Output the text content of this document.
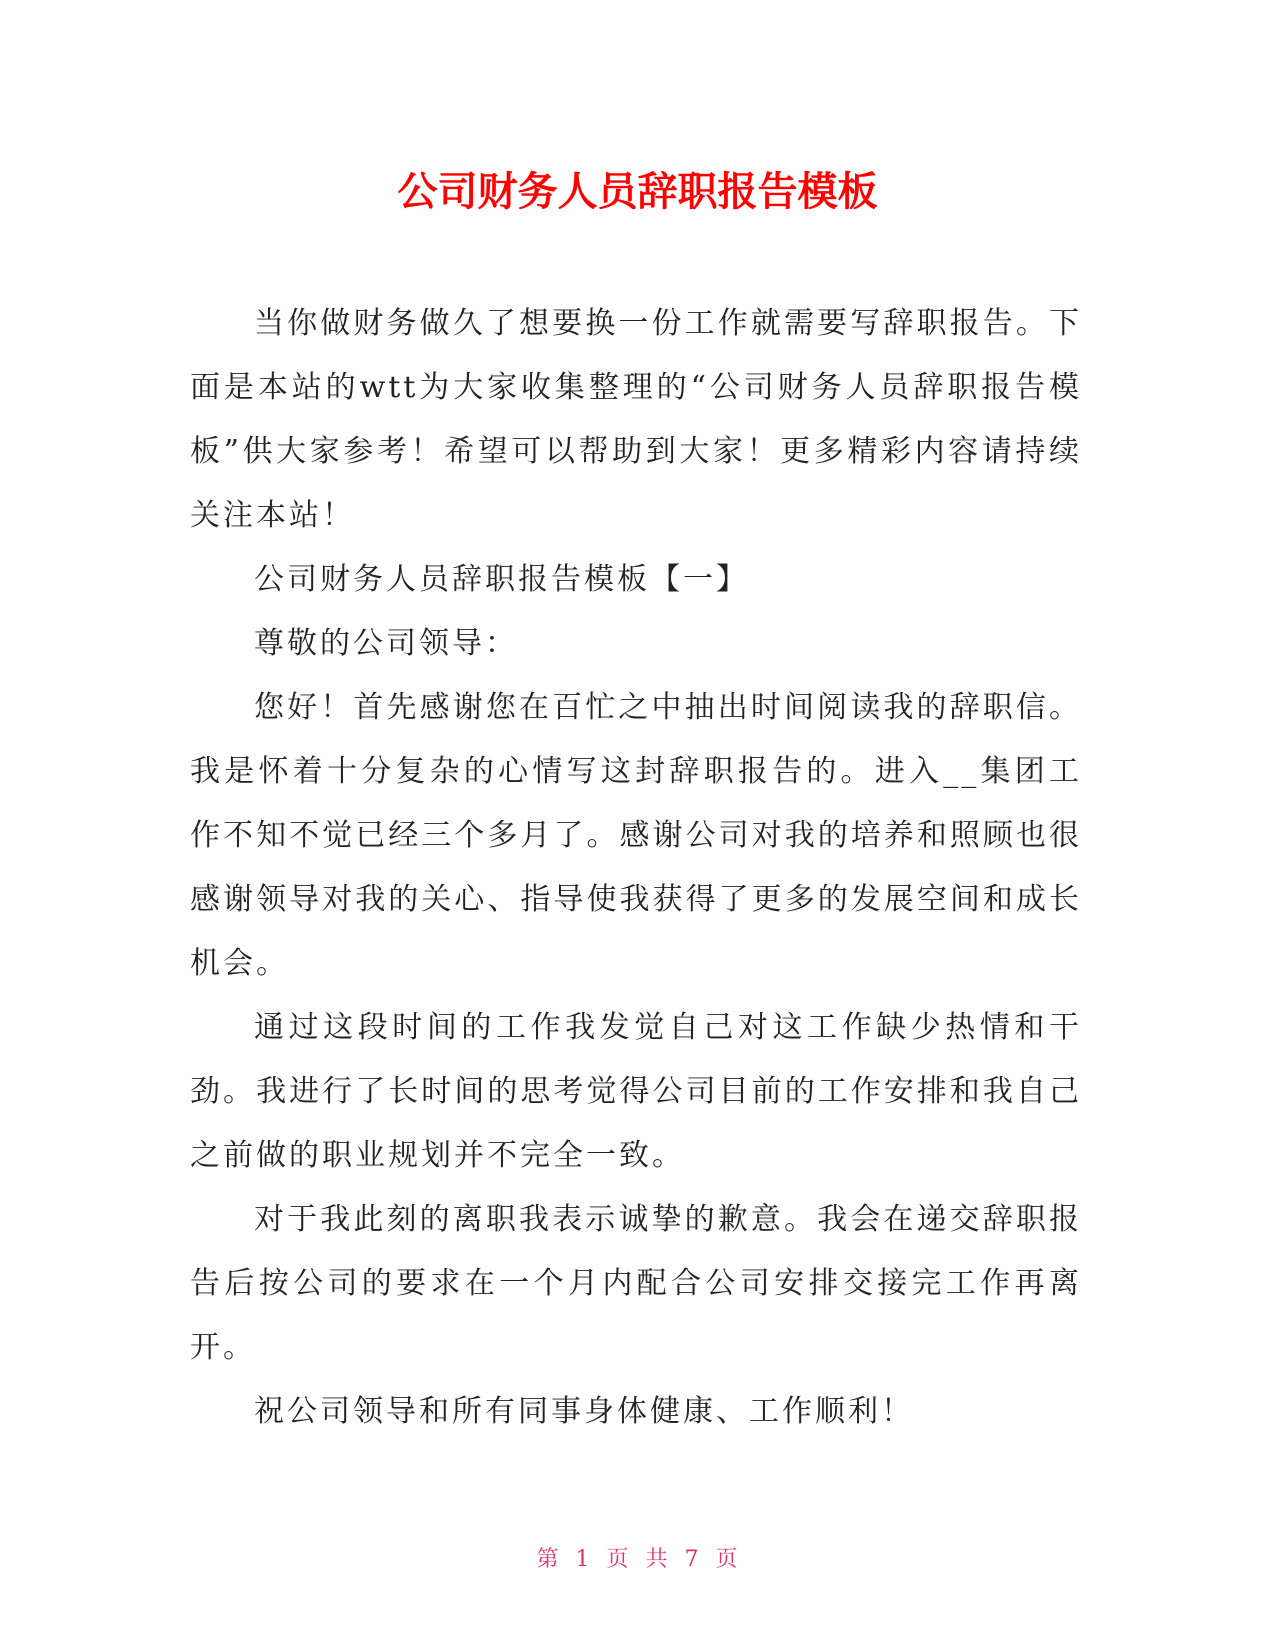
公司财务人员辞职报告模板

当你做财务做久了想要换一份工作就需要写辞职报告。下面是本站的wtt为大家收集整理的“公司财务人员辞职报告模板”供大家参考！希望可以帮助到大家！更多精彩内容请持续关注本站！

公司财务人员辞职报告模板【一】

尊敬的公司领导：

您好！首先感谢您在百忙之中抽出时间阅读我的辞职信。我是怀着十分复杂的心情写这封辞职报告的。进入__集团工作不知不觉已经三个多月了。感谢公司对我的培养和照顾也很感谢领导对我的关心、指导使我获得了更多的发展空间和成长机会。

通过这段时间的工作我发觉自己对这工作缺少热情和干劲。我进行了长时间的思考觉得公司目前的工作安排和我自己之前做的职业规划并不完全一致。

对于我此刻的离职我表示诚挚的歉意。我会在递交辞职报告后按公司的要求在一个月内配合公司安排交接完工作再离开。

祝公司领导和所有同事身体健康、工作顺利！

第 1 页 共 7 页
